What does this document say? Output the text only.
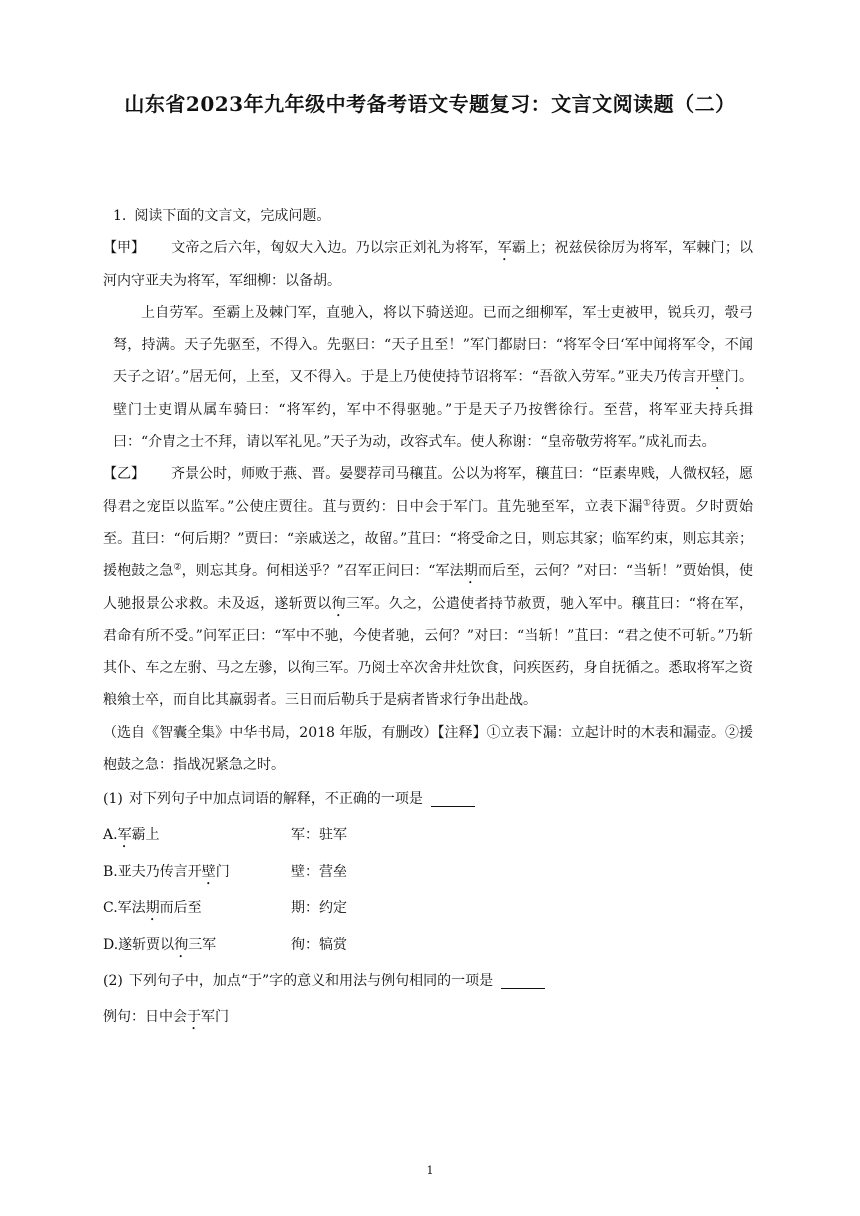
山东省2023年九年级中考备考语文专题复习：文言文阅读题（二）

1. 阅读下面的文言文，完成问题。

【甲】 文帝之后六年，匈奴大入边。乃以宗正刘礼为将军，军霸上；祝兹侯徐厉为将军，军棘门；以河内守亚夫为将军，军细柳：以备胡。

上自劳军。至霸上及棘门军，直驰入，将以下骑送迎。已而之细柳军，军士吏被甲，锐兵刃，彀弓弩，持满。天子先驱至，不得入。先驱曰：“天子且至！”军门都尉曰：“将军令曰‘军中闻将军令，不闻天子之诏’。”居无何，上至，又不得入。于是上乃使使持节诏将军：“吾欲入劳军。”亚夫乃传言开壁门。壁门士吏谓从属车骑曰：“将军约，军中不得驱驰。”于是天子乃按辔徐行。至营，将军亚夫持兵揖曰：“介胄之士不拜，请以军礼见。”天子为动，改容式车。使人称谢：“皇帝敬劳将军。”成礼而去。

【乙】 齐景公时，师败于燕、晋。晏婴荐司马穰苴。公以为将军，穰苴曰：“臣素卑贱，人微权轻，愿得君之宠臣以监军。”公使庄贾往。苴与贾约：日中会于军门。苴先驰至军，立表下漏①待贾。夕时贾始至。苴曰：“何后期？”贾曰：“亲戚送之，故留。”苴曰：“将受命之日，则忘其家；临军约束，则忘其亲；援枹鼓之急②，则忘其身。何相送乎？”召军正问曰：“军法期而后至，云何？”对曰：“当斩！”贾始惧，使人驰报景公求救。未及返，遂斩贾以徇三军。久之，公遣使者持节赦贾，驰入军中。穰苴曰：“将在军，君命有所不受。”问军正曰：“军中不驰，今使者驰，云何？”对曰：“当斩！”苴曰：“君之使不可斩。”乃斩其仆、车之左驸、马之左骖，以徇三军。乃阅士卒次舍井灶饮食，问疾医药，身自抚循之。悉取将军之资粮飨士卒，而自比其羸弱者。三日而后勒兵于是病者皆求行争出赴战。

（选自《智囊全集》中华书局，2018 年版，有删改）【注释】①立表下漏：立起计时的木表和漏壶。②援枹鼓之急：指战况紧急之时。

(1) 对下列句子中加点词语的解释，不正确的一项是
A.军霸上	军：驻军
B.亚夫乃传言开壁门	壁：营垒
C.军法期而后至	期：约定
D.遂斩贾以徇三军	徇：犒赏
(2) 下列句子中，加点“于”字的意义和用法与例句相同的一项是
例句：日中会 于 军门
1
